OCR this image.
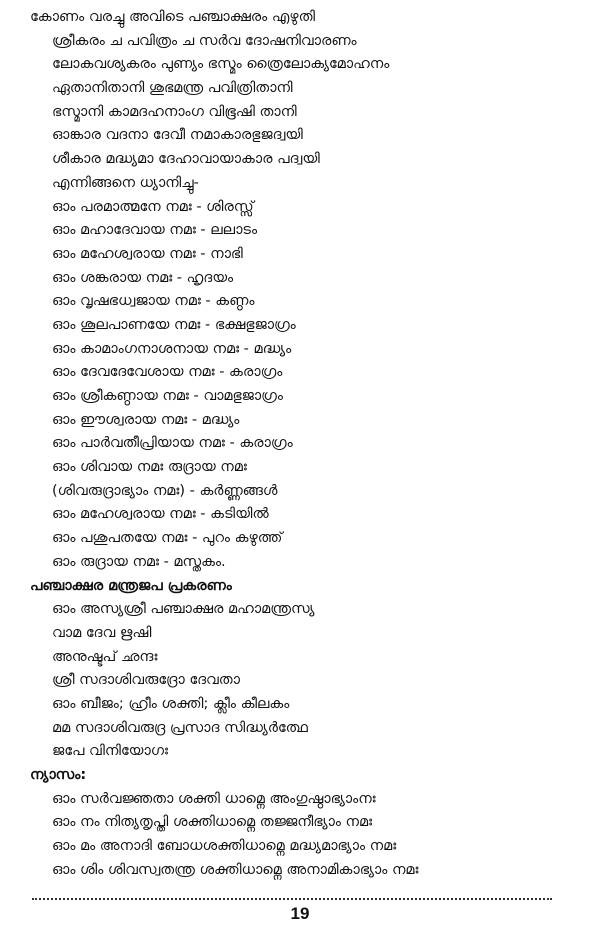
കോണം വരച്ചു അവിടെ പഞ്ചാക്ഷരം എഴുതി
ശ്രീകരം ച പവിത്രം ച സർവ ദോഷനിവാരണം
ലോകവശ്യകരം പുണ്യം ഭസ്മം ത്രൈലോക്യമോഹനം
ഏതാനിതാനി ശുഭമന്ത്ര പവിത്രിതാനി
ഭസ്മാനി കാമദഹനാംഗ വിഭൂഷി താനി
ഓങ്കാര വദനാ ദേവീ നമാകാരഭുജദ്വയി
ശീകാര മദ്ധ്യമാ ദേഹാവായാകാര പദ്വയി
എന്നിങ്ങനെ ധ്യാനിച്ചു-
ഓം പരമാത്മനേ നമഃ - ശിരസ്സ്
ഓം മഹാദേവായ നമഃ - ലലാടം
ഓം മഹേശ്വരായ നമഃ - നാഭി
ഓം ശങ്കരായ നമഃ - ഹൃദയം
ഓം വൃഷഭധ്വജായ നമഃ - കണ്ഠം
ഓം ശൂലപാണയേ നമഃ - ഭക്ഷഭുജാഗ്രം
ഓം കാമാംഗനാശനായ നമഃ - മദ്ധ്യം
ഓം ദേവദേവേശായ നമഃ - കരാഗ്രം
ഓം ശ്രീകണ്ഠായ നമഃ - വാമഭുജാഗ്രം
ഓം ഈശ്വരായ നമഃ - മദ്ധ്യം
ഓം പാർവതീപ്രിയായ നമഃ - കരാഗ്രം
ഓം ശിവായ നമഃ രുദ്രായ നമഃ
(ശിവരുദ്രാഭ്യാം നമഃ) - കർണ്ണങ്ങൾ
ഓം മഹേശ്വരായ നമഃ - കടിയിൽ
ഓം പശുപതയേ നമഃ - പുറം കഴുത്ത്
ഓം രുദ്രായ നമഃ - മസ്തകം.
പഞ്ചാക്ഷര മന്ത്രജപ പ്രകരണം
ഓം അസ്യശ്രീ പഞ്ചാക്ഷര മഹാമന്ത്രസ്യ
വാമ ദേവ ഋഷി
അനുഷ്ടപ് ഛന്ദഃ
ശ്രീ സദാശിവരുദ്രോ ദേവതാ
ഓം ബീജം; ഹ്രീം ശക്തി; ക്ലീം കീലകം
മമ സദാശിവരുദ്ര പ്രസാദ സിദ്ധ്യർത്ഥേ
ജപേ വിനിയോഗഃ
ന്യാസം:
ഓം സർവജ്ഞതാ ശക്തി ധാമ്നെ അംഗുഷ്ഠാഭ്യാംനഃ
ഓം നം നിത്യതൃപ്തി ശക്തിധാമ്നെ തജ്ജനീഭ്യാം നമഃ
ഓം മം അനാദി ബോധശക്തിധാമ്നെ മദ്ധ്യമാഭ്യാം നമഃ
ഓം ശിം ശിവസ്വതന്ത്ര ശക്തിധാമ്നെ അനാമികാഭ്യാം നമഃ
19
